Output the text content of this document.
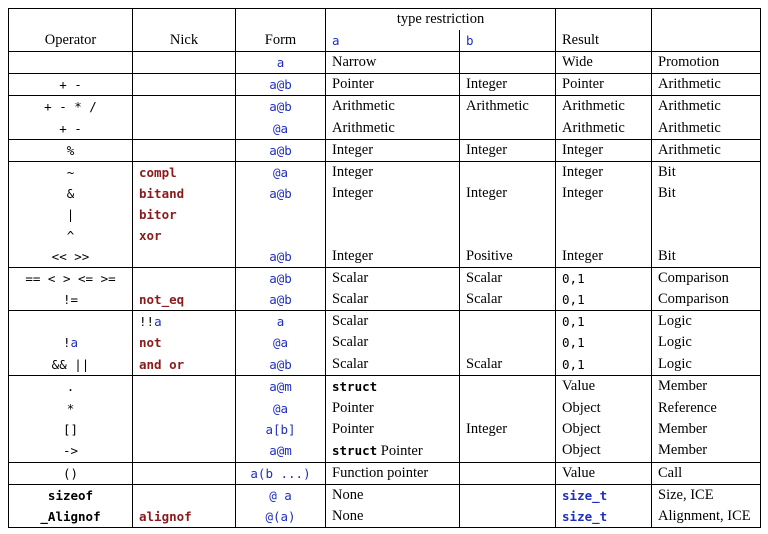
			type restriction			
Operator	Nick	Form	a	b	Result	
		a	Narrow		Wide	Promotion
+ -		a@b	Pointer	Integer	Pointer	Arithmetic
+ - * /		a@b	Arithmetic	Arithmetic	Arithmetic	Arithmetic
+ -		@a	Arithmetic		Arithmetic	Arithmetic
%		a@b	Integer	Integer	Integer	Arithmetic
~	compl	@a	Integer		Integer	Bit
&	bitand	a@b	Integer	Integer	Integer	Bit
|	bitor					
^	xor					
<< >>		a@b	Integer	Positive	Integer	Bit
== < > <= >=		a@b	Scalar	Scalar	0,1	Comparison
!=	not_eq	a@b	Scalar	Scalar	0,1	Comparison
	!!a	a	Scalar		0,1	Logic
!a	not	@a	Scalar		0,1	Logic
&& ||	and or	a@b	Scalar	Scalar	0,1	Logic
.		a@m	struct		Value	Member
*		@a	Pointer		Object	Reference
[]		a[b]	Pointer	Integer	Object	Member
->		a@m	struct Pointer		Object	Member
()		a(b ...)	Function pointer		Value	Call
sizeof		@ a	None		size_t	Size, ICE
_Alignof	alignof	@(a)	None		size_t	Alignment, ICE
